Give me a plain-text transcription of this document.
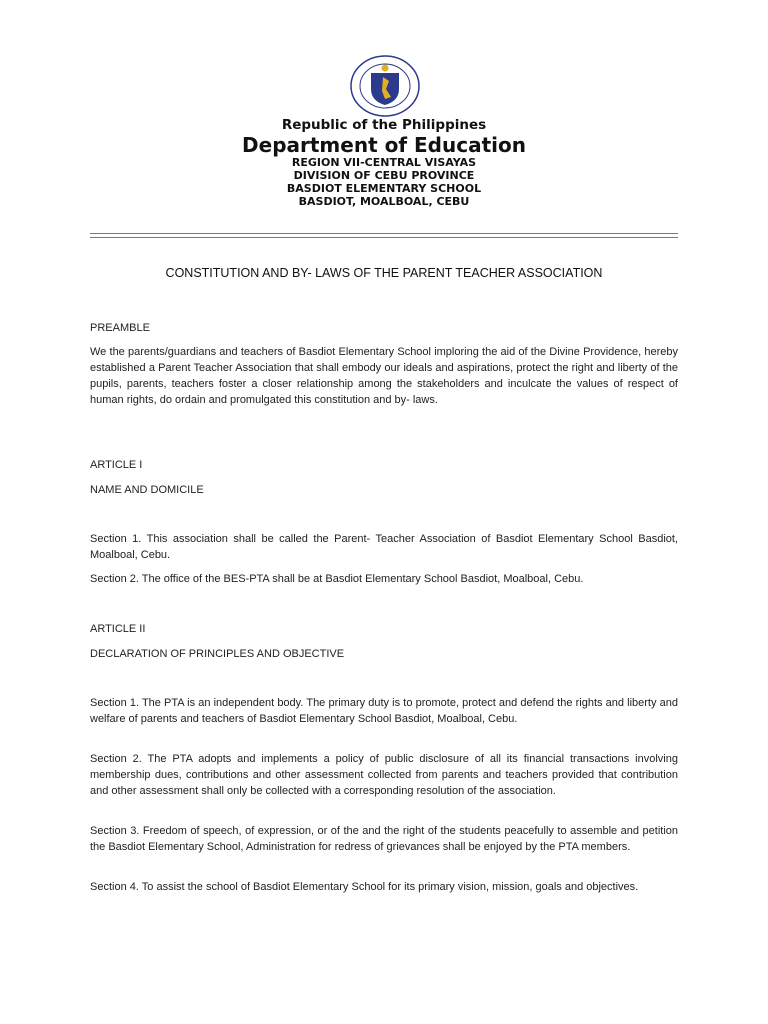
Republic of the Philippines
Department of Education
REGION VII-CENTRAL VISAYAS
DIVISION OF CEBU PROVINCE
BASDIOT ELEMENTARY SCHOOL
BASDIOT, MOALBOAL, CEBU
CONSTITUTION AND BY- LAWS OF THE PARENT TEACHER ASSOCIATION
PREAMBLE
We the parents/guardians and teachers of Basdiot Elementary School imploring the aid of the Divine Providence, hereby established a Parent Teacher Association that shall embody our ideals and aspirations, protect the right and liberty of the pupils, parents, teachers foster a closer relationship among the stakeholders and inculcate the values of respect of human rights, do ordain and promulgated this constitution and by- laws.
ARTICLE I
NAME AND DOMICILE
Section 1. This association shall be called the Parent- Teacher Association of Basdiot Elementary School Basdiot, Moalboal, Cebu.
Section 2. The office of the BES-PTA shall be at Basdiot Elementary School Basdiot, Moalboal, Cebu.
ARTICLE II
DECLARATION OF PRINCIPLES AND OBJECTIVE
Section 1. The PTA is an independent body. The primary duty is to promote, protect and defend the rights and liberty and welfare of parents and teachers of Basdiot Elementary School Basdiot, Moalboal, Cebu.
Section 2. The PTA adopts and implements a policy of public disclosure of all its financial transactions involving membership dues, contributions and other assessment collected from parents and teachers provided that contribution and other assessment shall only be collected with a corresponding resolution of the association.
Section 3. Freedom of speech, of expression, or of the and the right of the students peacefully to assemble and petition the Basdiot Elementary School, Administration for redress of grievances shall be enjoyed by the PTA members.
Section 4. To assist the school of Basdiot Elementary School for its primary vision, mission, goals and objectives.
